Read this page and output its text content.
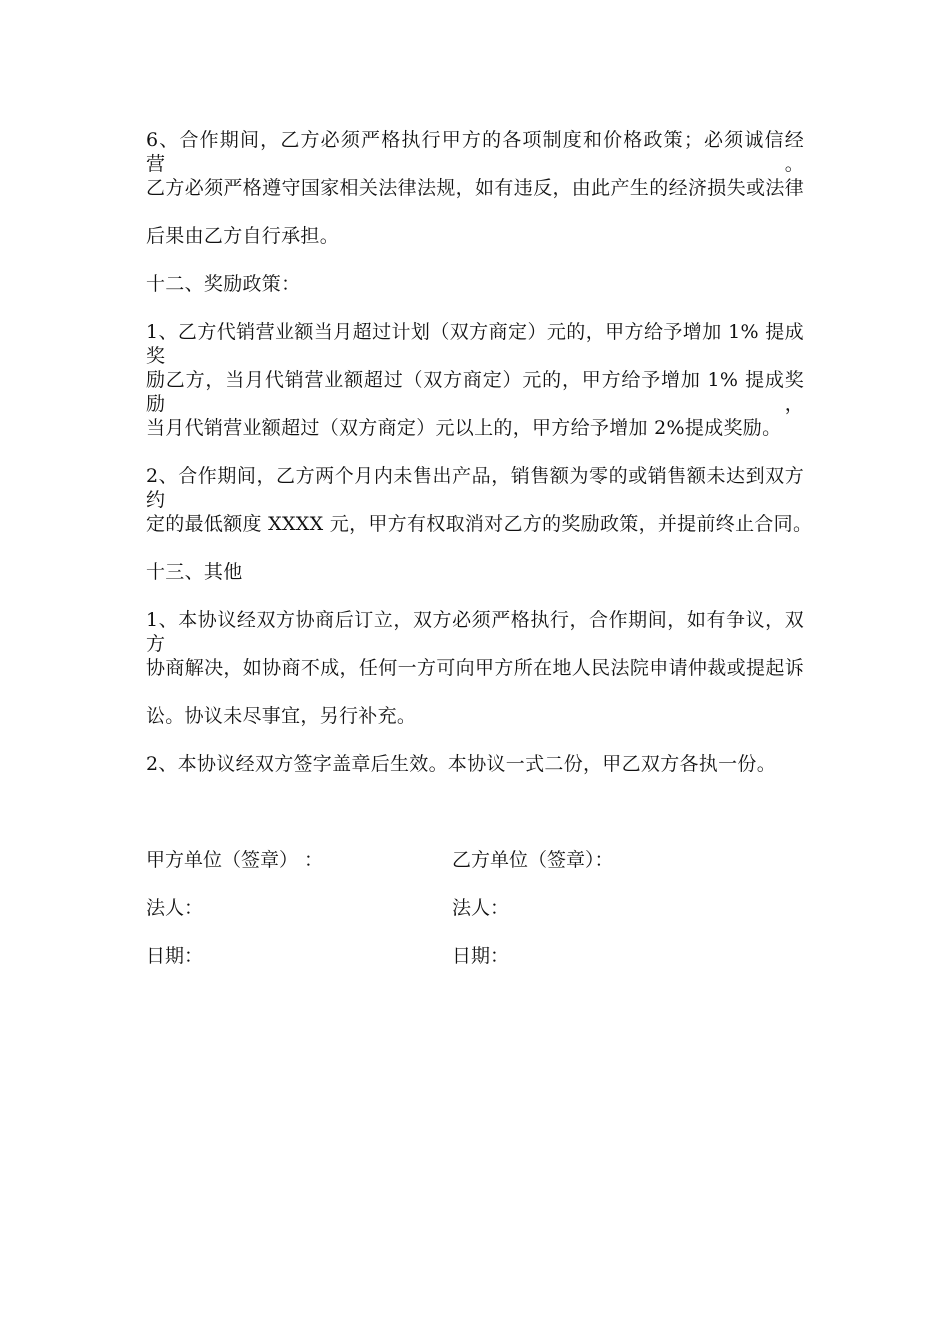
6、合作期间，乙方必须严格执行甲方的各项制度和价格政策；必须诚信经营。
乙方必须严格遵守国家相关法律法规，如有违反，由此产生的经济损失或法律
后果由乙方自行承担。
十二、奖励政策：
1、乙方代销营业额当月超过计划（双方商定）元的，甲方给予增加 1% 提成奖
励乙方，当月代销营业额超过（双方商定）元的，甲方给予增加 1% 提成奖励，
当月代销营业额超过（双方商定）元以上的，甲方给予增加 2%提成奖励。
2、合作期间，乙方两个月内未售出产品，销售额为零的或销售额未达到双方约
定的最低额度 XXXX 元，甲方有权取消对乙方的奖励政策，并提前终止合同。
十三、其他
1、本协议经双方协商后订立，双方必须严格执行，合作期间，如有争议，双方
协商解决，如协商不成，任何一方可向甲方所在地人民法院申请仲裁或提起诉
讼。协议未尽事宜，另行补充。
2、本协议经双方签字盖章后生效。本协议一式二份，甲乙双方各执一份。
甲方单位（签章） ：	乙方单位（签章）：
法人：	法人：
日期：	日期：
